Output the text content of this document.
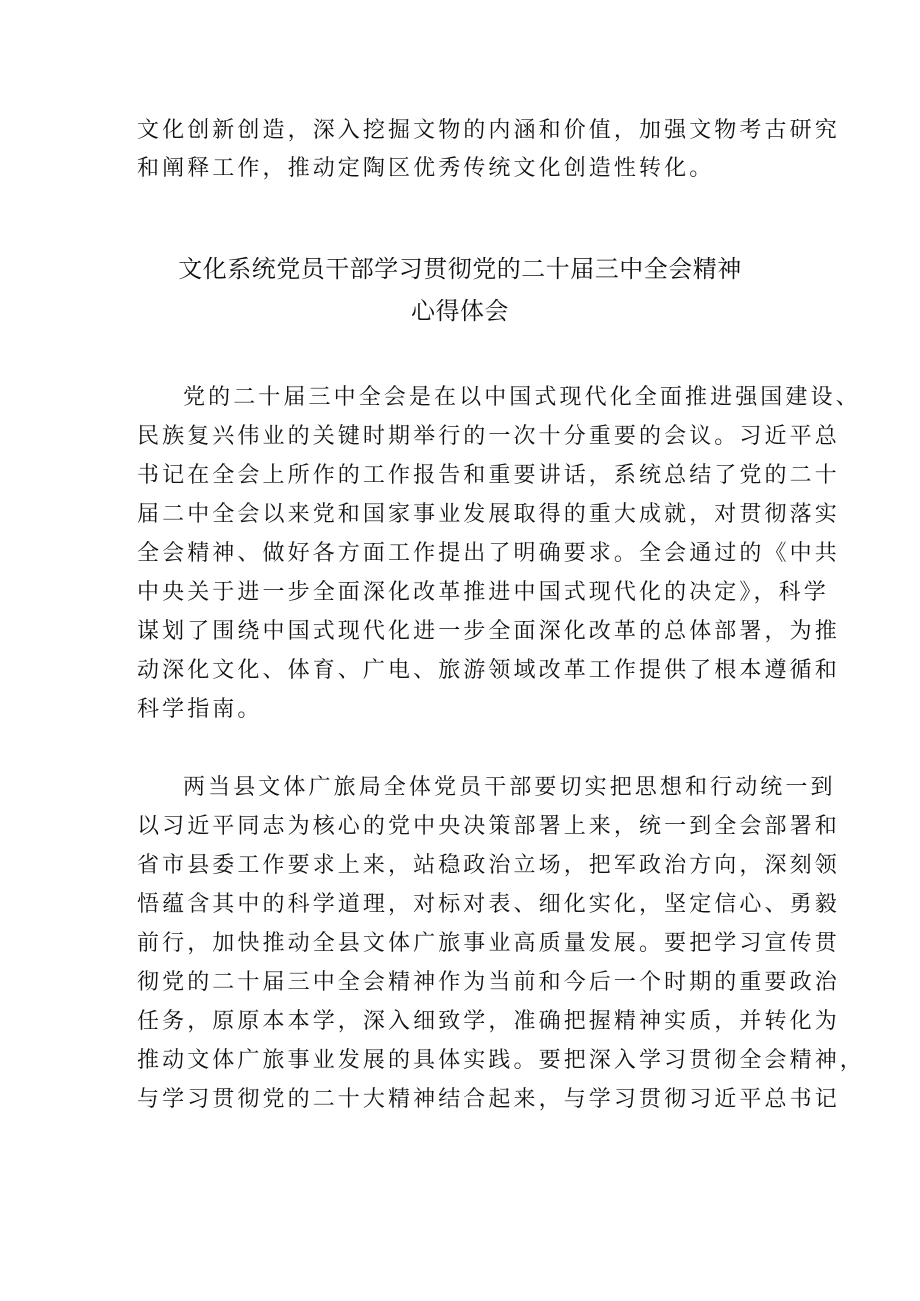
文化创新创造，深入挖掘文物的内涵和价值，加强文物考古研究
和阐释工作，推动定陶区优秀传统文化创造性转化。
文化系统党员干部学习贯彻党的二十届三中全会精神
心得体会
党的二十届三中全会是在以中国式现代化全面推进强国建设、
民族复兴伟业的关键时期举行的一次十分重要的会议。习近平总
书记在全会上所作的工作报告和重要讲话，系统总结了党的二十
届二中全会以来党和国家事业发展取得的重大成就，对贯彻落实
全会精神、做好各方面工作提出了明确要求。全会通过的《中共
中央关于进一步全面深化改革推进中国式现代化的决定》，科学
谋划了围绕中国式现代化进一步全面深化改革的总体部署，为推
动深化文化、体育、广电、旅游领域改革工作提供了根本遵循和
科学指南。
两当县文体广旅局全体党员干部要切实把思想和行动统一到
以习近平同志为核心的党中央决策部署上来，统一到全会部署和
省市县委工作要求上来，站稳政治立场，把军政治方向，深刻领
悟蕴含其中的科学道理，对标对表、细化实化，坚定信心、勇毅
前行，加快推动全县文体广旅事业高质量发展。要把学习宣传贯
彻党的二十届三中全会精神作为当前和今后一个时期的重要政治
任务，原原本本学，深入细致学，准确把握精神实质，并转化为
推动文体广旅事业发展的具体实践。要把深入学习贯彻全会精神，
与学习贯彻党的二十大精神结合起来，与学习贯彻习近平总书记
